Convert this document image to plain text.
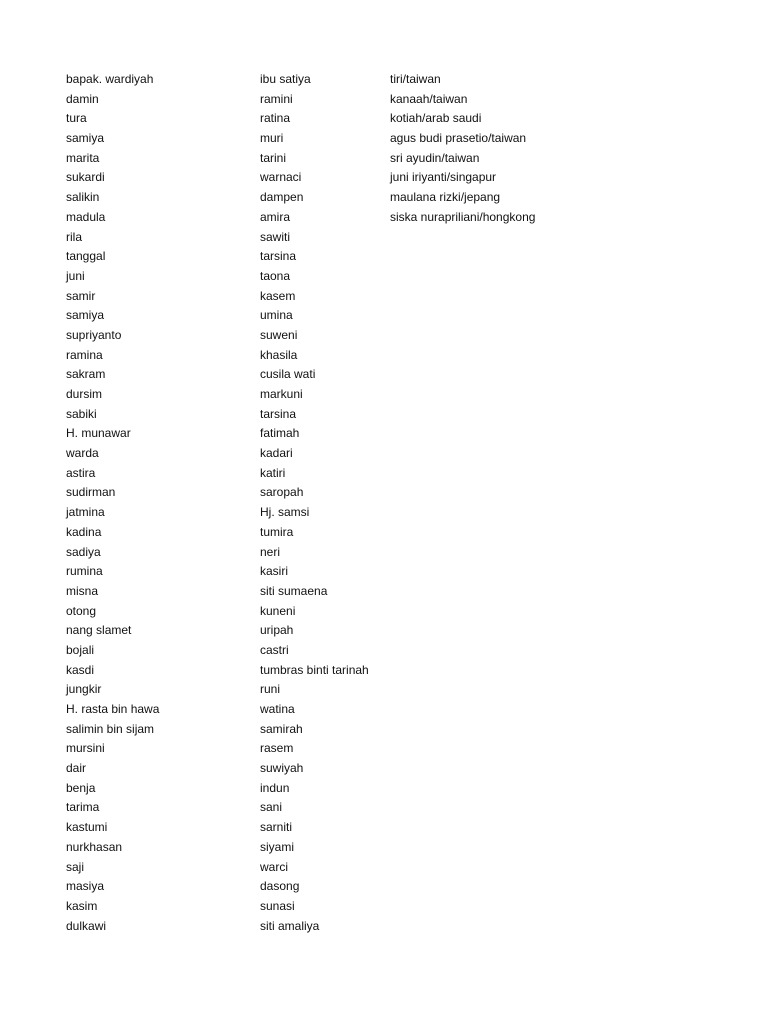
bapak. wardiyah
damin
tura
samiya
marita
sukardi
salikin
madula
rila
tanggal
juni
samir
samiya
supriyanto
ramina
sakram
dursim
sabiki
H. munawar
warda
astira
sudirman
jatmina
kadina
sadiya
rumina
misna
otong
nang slamet
bojali
kasdi
jungkir
H. rasta bin hawa
salimin bin sijam
mursini
dair
benja
tarima
kastumi
nurkhasan
saji
masiya
kasim
dulkawi
ibu satiya
ramini
ratina
muri
tarini
warnaci
dampen
amira
sawiti
tarsina
taona
kasem
umina
suweni
khasila
cusila wati
markuni
tarsina
fatimah
kadari
katiri
saropah
Hj. samsi
tumira
neri
kasiri
siti sumaena
kuneni
uripah
castri
tumbras binti tarinah
runi
watina
samirah
rasem
suwiyah
indun
sani
sarniti
siyami
warci
dasong
sunasi
siti amaliya
tiri/taiwan
kanaah/taiwan
kotiah/arab saudi
agus budi prasetio/taiwan
sri ayudin/taiwan
juni iriyanti/singapur
maulana rizki/jepang
siska nurapriliani/hongkong
